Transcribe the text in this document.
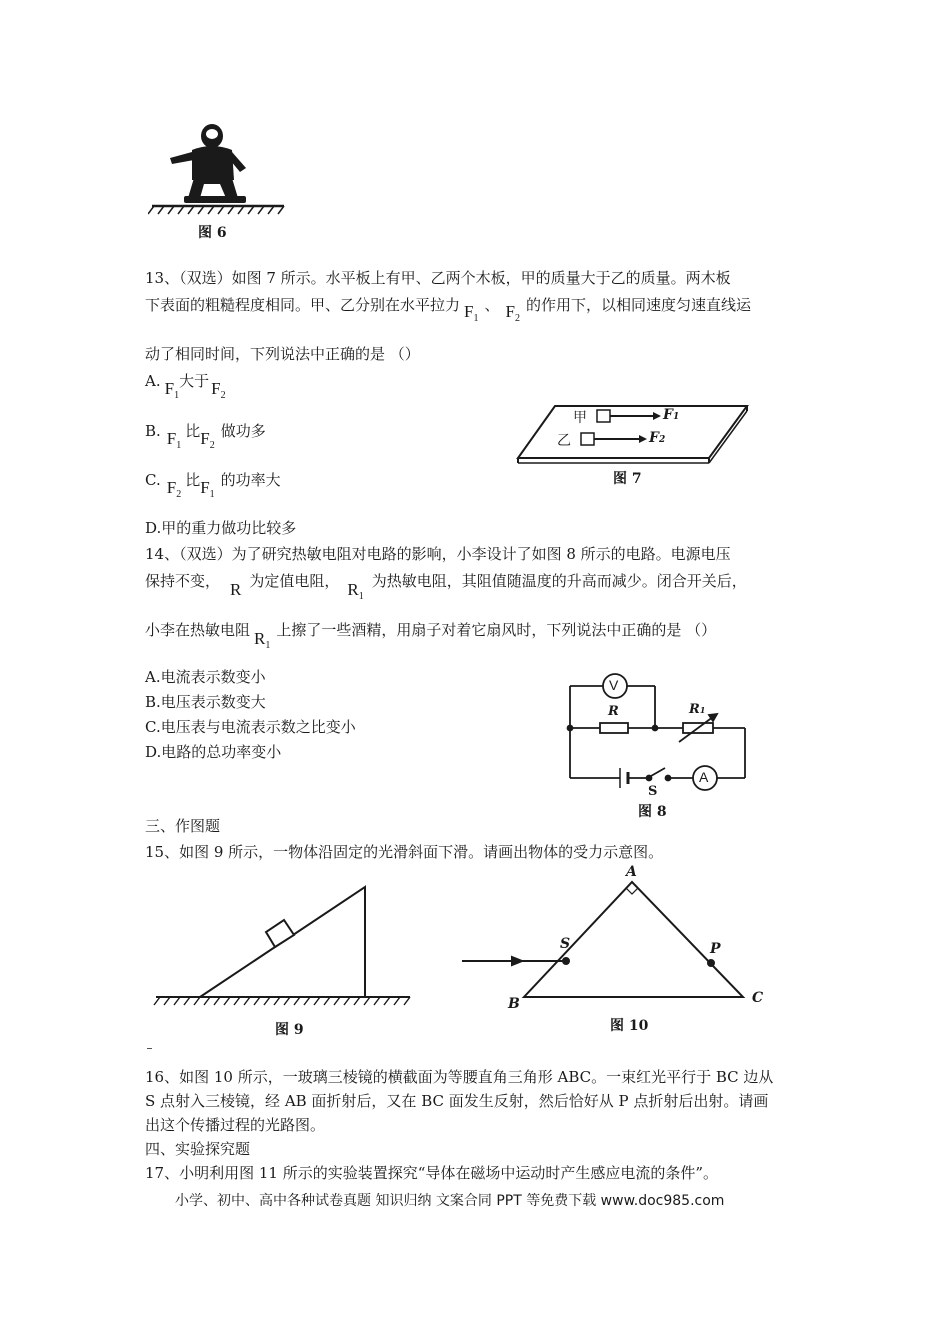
图 6
13、（双选）如图 7 所示。水平板上有甲、乙两个木板，甲的质量大于乙的质量。两木板
下表面的粗糙程度相同。甲、乙分别在水平拉力 $F_1$、 $F_2$的作用下，以相同速度匀速直线运
动了相同时间，下列说法中正确的是 （）
A. $F_1$大于 $F_2$
B. $F_1$比$F_2$做功多
C. $F_2$比$F_1$的功率大
D.甲的重力做功比较多
甲
乙
F1
F2
图 7
14、（双选）为了研究热敏电阻对电路的影响，小李设计了如图 8 所示的电路。电源电压
保持不变， R 为定值电阻， $R_1$为热敏电阻，其阻值随温度的升高而减少。闭合开关后，
小李在热敏电阻 $R_1$上擦了一些酒精，用扇子对着它扇风时，下列说法中正确的是 （）
A.电流表示数变小
B.电压表示数变大
C.电压表与电流表示数之比变小
D.电路的总功率变小
V
A
R	R1
S
图 8
三、作图题
15、如图 9 所示，一物体沿固定的光滑斜面下滑。请画出物体的受力示意图。
图 9
A
B	C
S	P
图 10
16、如图 10 所示，一玻璃三棱镜的横截面为等腰直角三角形 ABC。一束红光平行于 BC 边从
S 点射入三棱镜，经 AB 面折射后，又在 BC 面发生反射，然后恰好从 P 点折射后出射。请画
出这个传播过程的光路图。
四、实验探究题
17、小明利用图 11 所示的实验装置探究“导体在磁场中运动时产生感应电流的条件”。
小学、初中、高中各种试卷真题 知识归纳 文案合同 PPT 等免费下载 www.doc985.com
